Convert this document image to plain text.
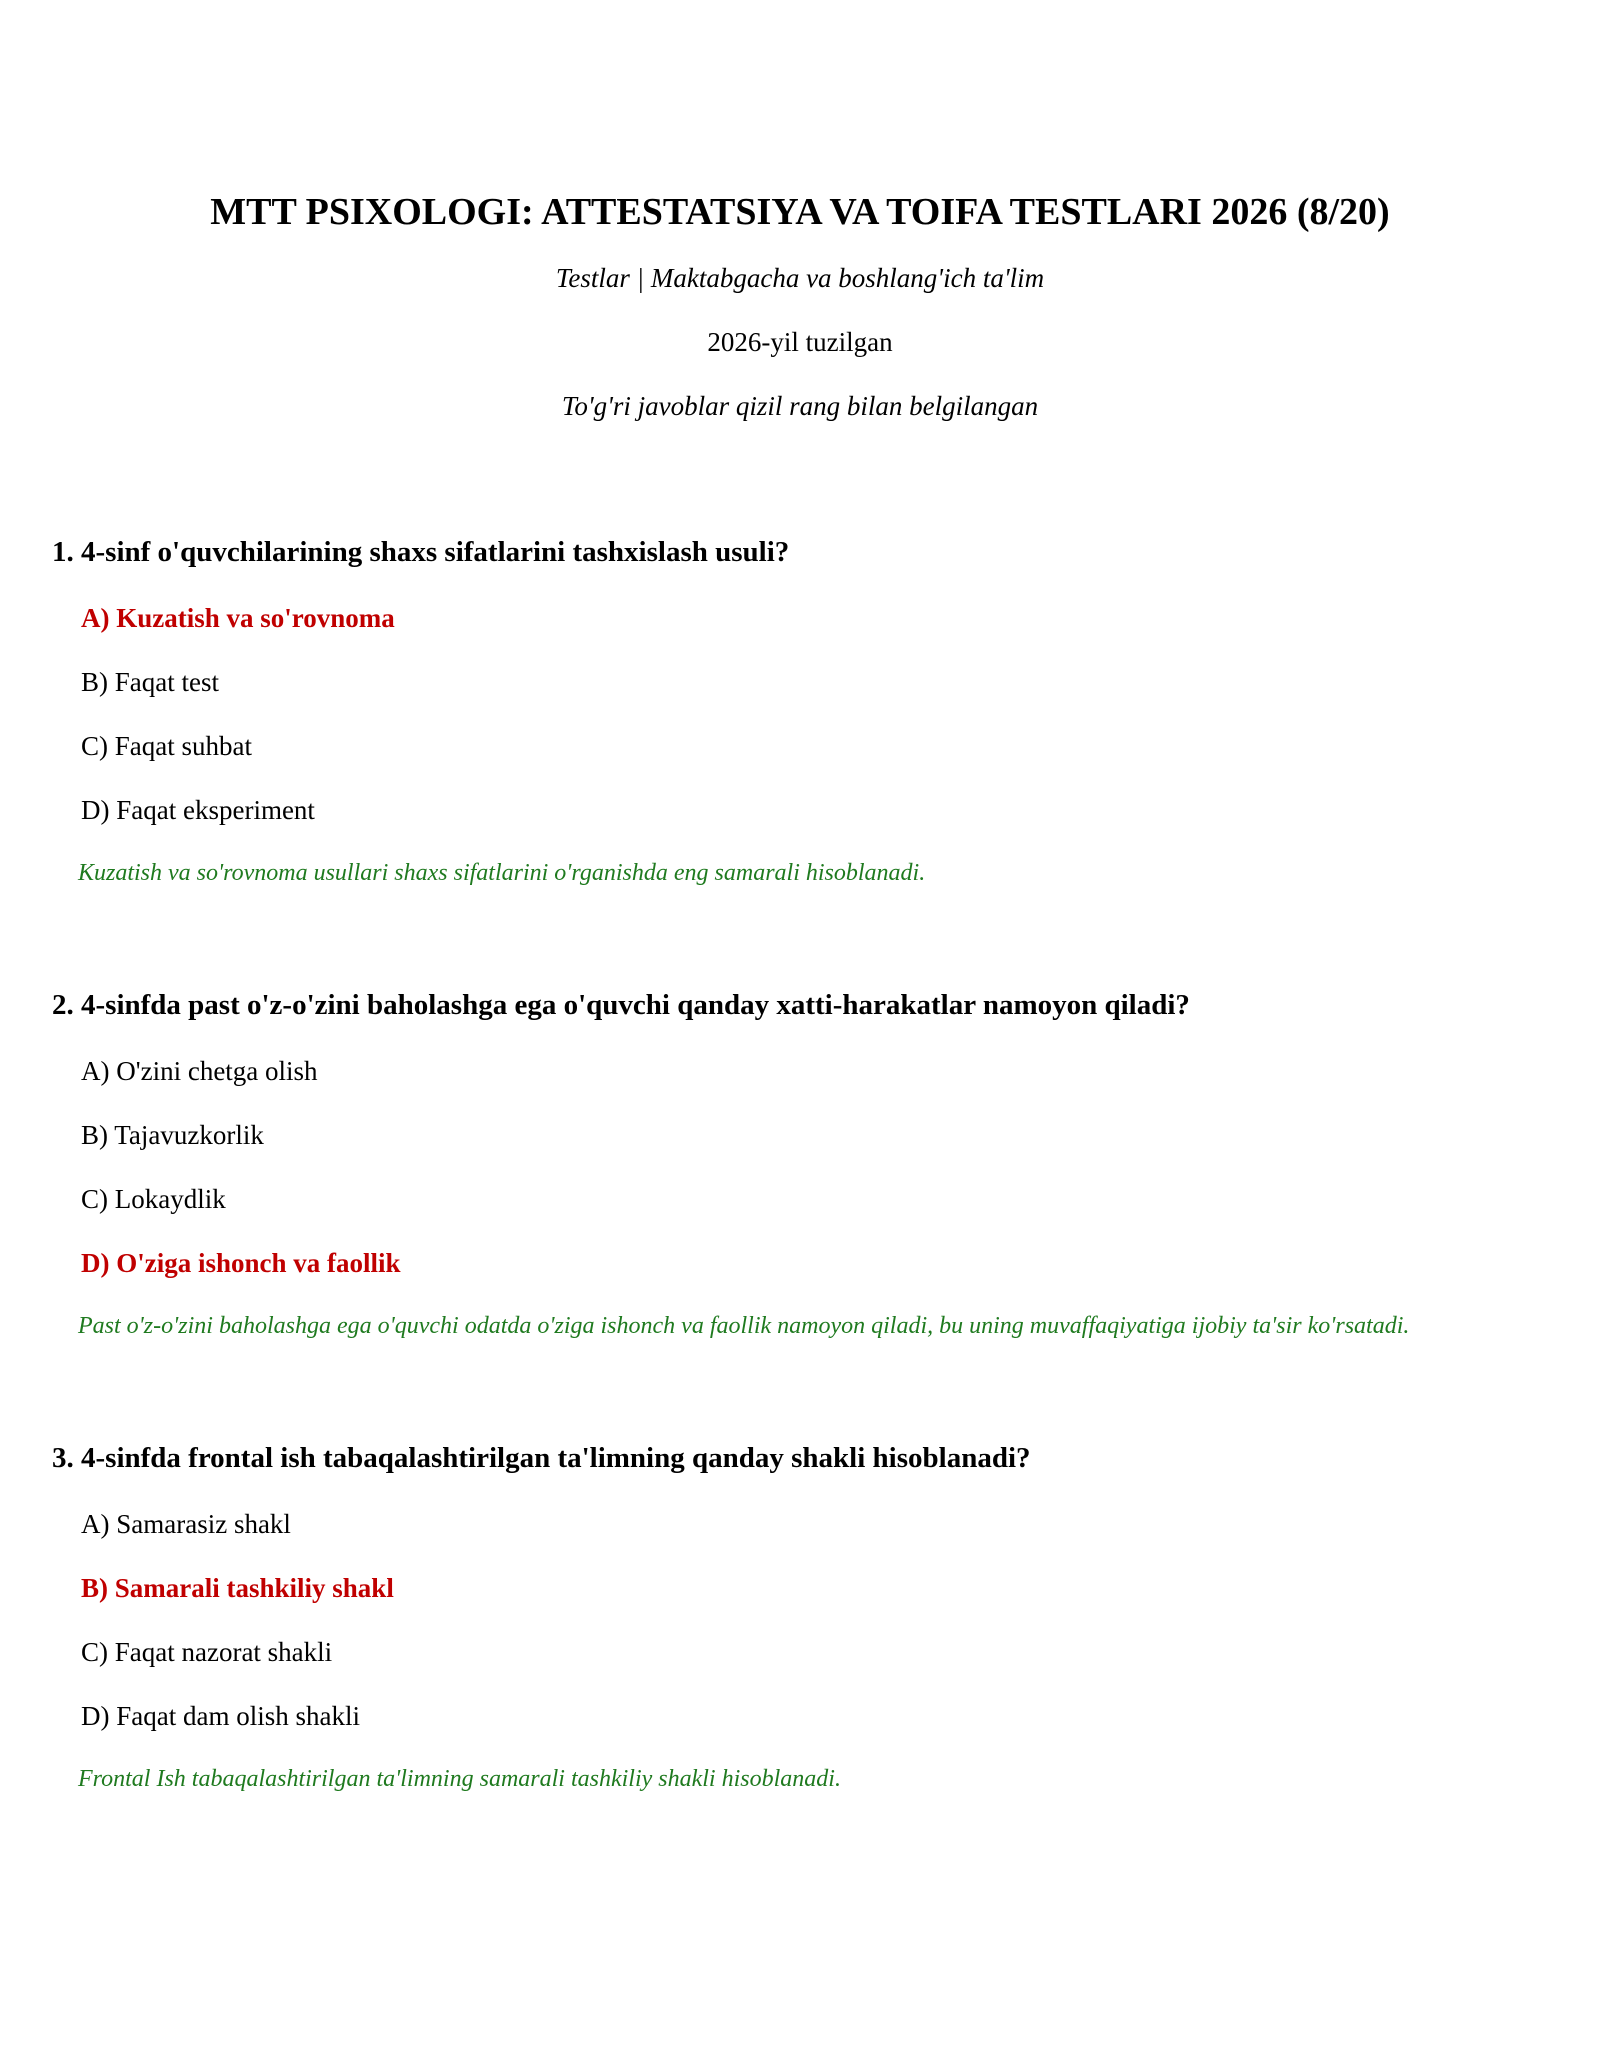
MTT PSIXOLOGI: ATTESTATSIYA VA TOIFA TESTLARI 2026 (8/20)
Testlar | Maktabgacha va boshlang'ich ta'lim
2026-yil tuzilgan
To'g'ri javoblar qizil rang bilan belgilangan
1. 4-sinf o'quvchilarining shaxs sifatlarini tashxislash usuli?
A) Kuzatish va so'rovnoma
B) Faqat test
C) Faqat suhbat
D) Faqat eksperiment
Kuzatish va so'rovnoma usullari shaxs sifatlarini o'rganishda eng samarali hisoblanadi.
2. 4-sinfda past o'z-o'zini baholashga ega o'quvchi qanday xatti-harakatlar namoyon qiladi?
A) O'zini chetga olish
B) Tajavuzkorlik
C) Lokaydlik
D) O'ziga ishonch va faollik
Past o'z-o'zini baholashga ega o'quvchi odatda o'ziga ishonch va faollik namoyon qiladi, bu uning muvaffaqiyatiga ijobiy ta'sir ko'rsatadi.
3. 4-sinfda frontal ish tabaqalashtirilgan ta'limning qanday shakli hisoblanadi?
A) Samarasiz shakl
B) Samarali tashkiliy shakl
C) Faqat nazorat shakli
D) Faqat dam olish shakli
Frontal Ish tabaqalashtirilgan ta'limning samarali tashkiliy shakli hisoblanadi.
